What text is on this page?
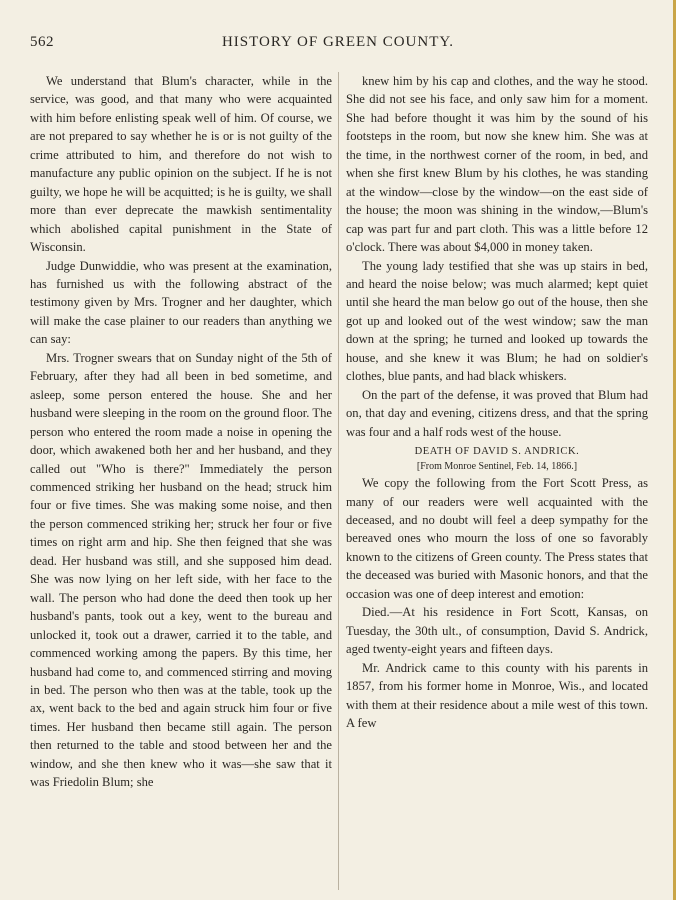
HISTORY OF GREEN COUNTY.
562

We understand that Blum's character, while in the service, was good, and that many who were acquainted with him before enlisting speak well of him. Of course, we are not prepared to say whether he is or is not guilty of the crime attributed to him, and therefore do not wish to manufacture any public opinion on the subject. If he is not guilty, we hope he will be acquitted; is he is guilty, we shall more than ever deprecate the mawkish sentimentality which abolished capital punishment in the State of Wisconsin.

Judge Dunwiddie, who was present at the examination, has furnished us with the following abstract of the testimony given by Mrs. Trogner and her daughter, which will make the case plainer to our readers than anything we can say:

Mrs. Trogner swears that on Sunday night of the 5th of February, after they had all been in bed sometime, and asleep, some person entered the house. She and her husband were sleeping in the room on the ground floor. The person who entered the room made a noise in opening the door, which awakened both her and her husband, and they called out "Who is there?" Immediately the person commenced striking her husband on the head; struck him four or five times. She was making some noise, and then the person commenced striking her; struck her four or five times on right arm and hip. She then feigned that she was dead. Her husband was still, and she supposed him dead. She was now lying on her left side, with her face to the wall. The person who had done the deed then took up her husband's pants, took out a key, went to the bureau and unlocked it, took out a drawer, carried it to the table, and commenced working among the papers. By this time, her husband had come to, and commenced stirring and moving in bed. The person who then was at the table, took up the ax, went back to the bed and again struck him four or five times. Her husband then became still again. The person then returned to the table and stood between her and the window, and she then knew who it was—she saw that it was Friedolin Blum; she

knew him by his cap and clothes, and the way he stood. She did not see his face, and only saw him for a moment. She had before thought it was him by the sound of his footsteps in the room, but now she knew him. She was at the time, in the northwest corner of the room, in bed, and when she first knew Blum by his clothes, he was standing at the window—close by the window—on the east side of the house; the moon was shining in the window,—Blum's cap was part fur and part cloth. This was a little before 12 o'clock. There was about $4,000 in money taken.

The young lady testified that she was up stairs in bed, and heard the noise below; was much alarmed; kept quiet until she heard the man below go out of the house, then she got up and looked out of the west window; saw the man down at the spring; he turned and looked up towards the house, and she knew it was Blum; he had on soldier's clothes, blue pants, and had black whiskers.

On the part of the defense, it was proved that Blum had on, that day and evening, citizens dress, and that the spring was four and a half rods west of the house.

DEATH OF DAVID S. ANDRICK.
[From Monroe Sentinel, Feb. 14, 1866.]

We copy the following from the Fort Scott Press, as many of our readers were well acquainted with the deceased, and no doubt will feel a deep sympathy for the bereaved ones who mourn the loss of one so favorably known to the citizens of Green county. The Press states that the deceased was buried with Masonic honors, and that the occasion was one of deep interest and emotion:

Died.—At his residence in Fort Scott, Kansas, on Tuesday, the 30th ult., of consumption, David S. Andrick, aged twenty-eight years and fifteen days.

Mr. Andrick came to this county with his parents in 1857, from his former home in Monroe, Wis., and located with them at their residence about a mile west of this town. A few
